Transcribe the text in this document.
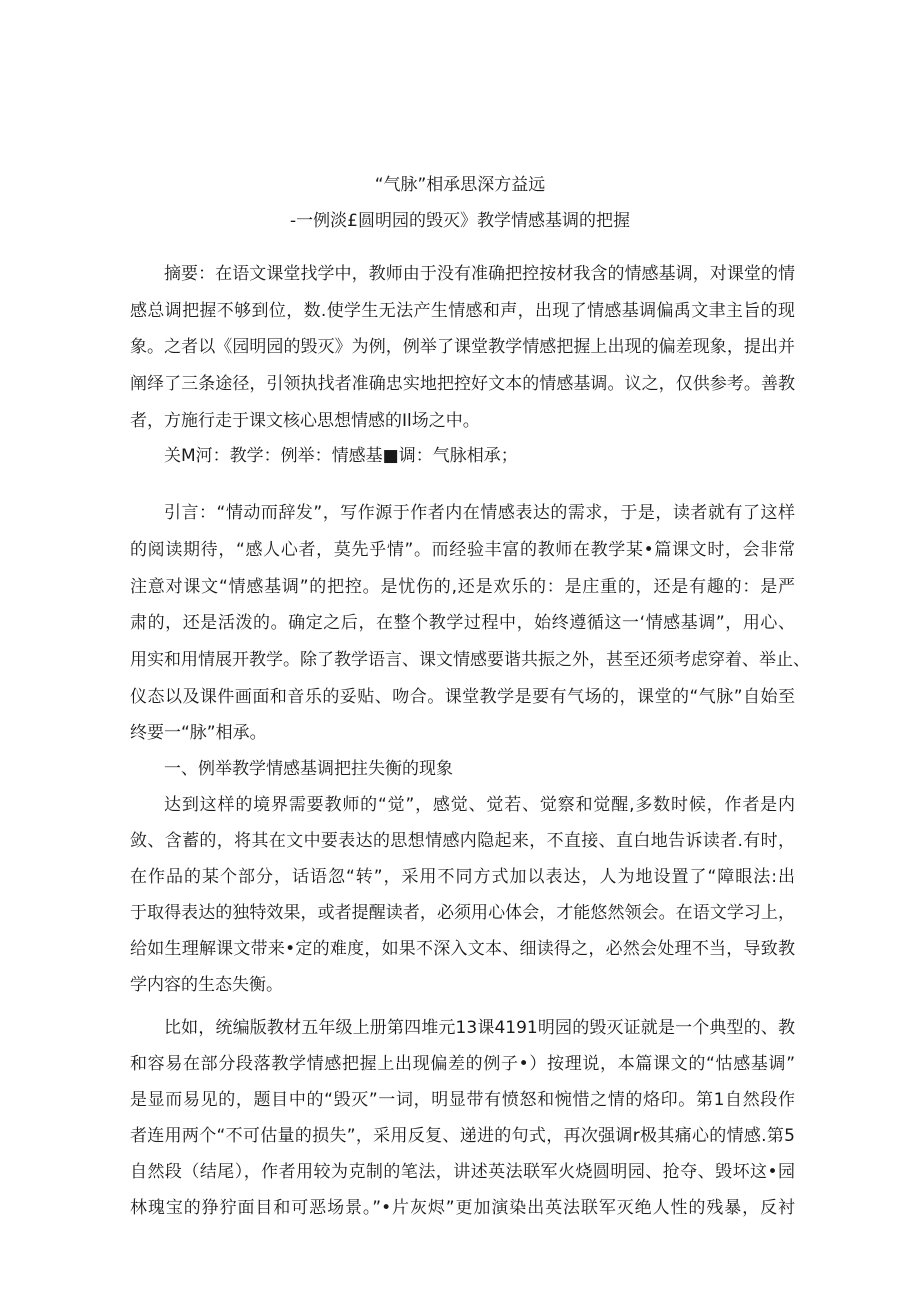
“气脉”相承思深方益远
-一例淡£圆明园的毁灭》教学情感基调的把握
摘要：在语文课堂找学中，教师由于没有准确把控按材我含的情感基调，对课堂的情
感总调把握不够到位，数.使学生无法产生情感和声，出现了情感基调偏禹文聿主旨的现
象。之者以《园明园的毁灭》为例，例举了课堂教学情感把握上出现的偏差现象，提出并
阐绎了三条途径，引领执找者准确忠实地把控好文本的情感基调。议之，仅供参考。善教
者，方施行走于课文核心思想情感的Il场之中。
关M河：教学：例举：情感基■调：气脉相承；
引言：“情动而辞发”，写作源于作者内在情感表达的需求，于是，读者就有了这样
的阅读期待，“感人心者，莫先乎情”。而经验丰富的教师在教学某•篇课文时，会非常
注意对课文“情感基调”的把控。是忧伤的,还是欢乐的：是庄重的，还是有趣的：是严
肃的，还是活泼的。确定之后，在整个教学过程中，始终遵循这一‘情感基调”，用心、
用实和用情展开教学。除了教学语言、课文情感要谐共振之外，甚至还须考虑穿着、举止、
仪态以及课件画面和音乐的妥贴、吻合。课堂教学是要有气场的，课堂的“气脉”自始至
终要一“脉”相承。
一、例举教学情感基调把拄失衡的现象
达到这样的境界需要教师的“觉”，感觉、觉若、觉察和觉醒,多数时候，作者是内
敛、含蓄的，将其在文中要表达的思想情感内隐起来，不直接、直白地告诉读者.有时，
在作品的某个部分，话语忽“转”，采用不同方式加以表达，人为地设置了“障眼法:出
于取得表达的独特效果，或者提醒读者，必须用心体会，才能悠然领会。在语文学习上，
给如生理解课文带来•定的难度，如果不深入文本、细读得之，必然会处理不当，导致教
学内容的生态失衡。
比如，统编版教材五年级上册第四堆元13课4191明园的毁灭证就是一个典型的、教
和容易在部分段落教学情感把握上出现偏差的例子•）按理说，本篇课文的“怙感基调”
是显而易见的，题目中的“毁灭”一词，明显带有愤怒和惋惜之情的烙印。第1自然段作
者连用两个“不可估量的损失”，采用反复、递进的句式，再次强调r极其痛心的情感.第5
自然段（结尾），作者用较为克制的笔法，讲述英法联军火烧圆明园、抢夺、毁坏这•园
林瑰宝的狰狞面目和可恶场景。”•片灰烬”更加演染出英法联军灭绝人性的残暴，反衬
